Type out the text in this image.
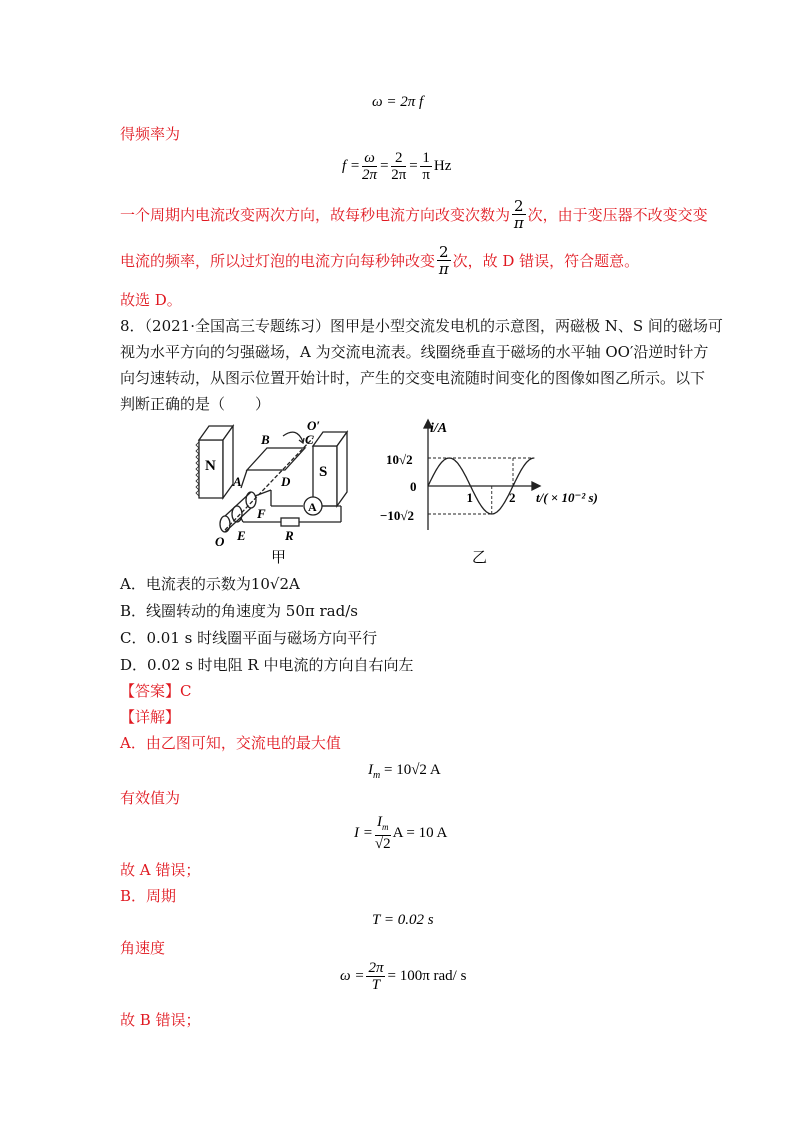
ω = 2π f
得频率为
$f = \frac{\omega}{2\pi} = \frac{2}{2\pi} = \frac{1}{\pi}$ Hz
一个周期内电流改变两次方向，故每秒电流方向改变次数为 $\frac{2}{\pi}$ 次，由于变压器不改变交变
电流的频率，所以过灯泡的电流方向每秒钟改变 $\frac{2}{\pi}$ 次，故 D 错误，符合题意。
故选 D。
8．（2021·全国高三专题练习）图甲是小型交流发电机的示意图，两磁极 N、S 间的磁场可
视为水平方向的匀强磁场，A 为交流电流表。线圈绕垂直于磁场的水平轴 OO′沿逆时针方
向匀速转动，从图示位置开始计时，产生的交变电流随时间变化的图像如图乙所示。以下
判断正确的是（　　）
N	S
B	C
O′
A	D
F
E
O	R
A
甲
i/A
10√2
0
−10√2
1	2 t/( × 10⁻² s)
乙
A．电流表的示数为10√2A
B．线圈转动的角速度为 50π rad/s
C．0.01 s 时线圈平面与磁场方向平行
D．0.02 s 时电阻 R 中电流的方向自右向左
【答案】C
【详解】
A．由乙图可知，交流电的最大值
$I_m = 10√2$ A
有效值为
$I = \frac{I_m}{√2}$ A = 10 A
故 A 错误；
B．周期
T = 0.02 s
角速度
$\omega = \frac{2\pi}{T} = 100\pi$ rad/ s
故 B 错误；
